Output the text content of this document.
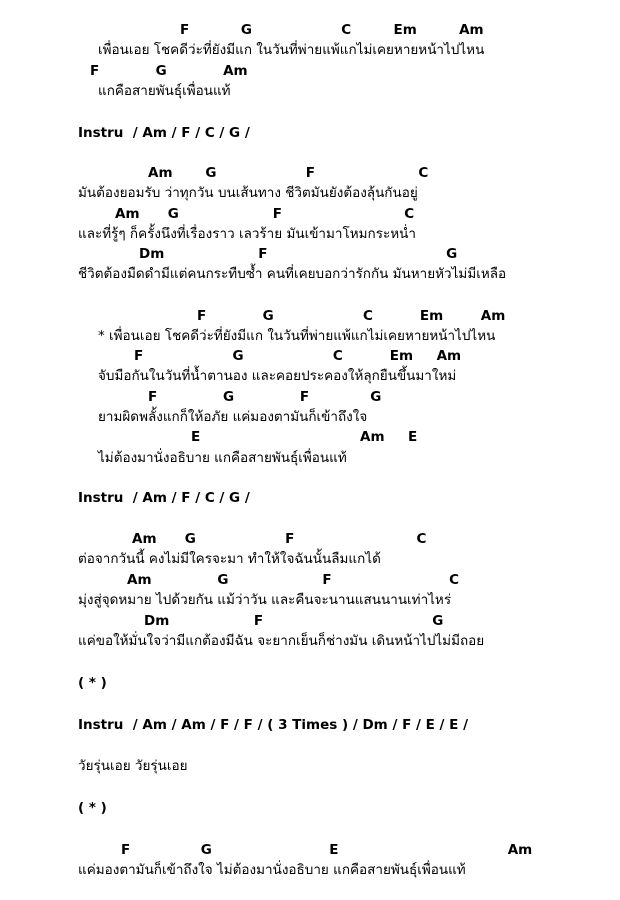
F           G                   C         Em         Am
เพื่อนเอย โชคดีว่ะที่ยังมีแก ในวันที่พ่ายแพ้แกไม่เคยหายหน้าไปไหน
F            G            Am
แกคือสายพันธุ์เพื่อนแท้
Instru  / Am / F / C / G /
Am       G                   F                      C
มันต้องยอมรับ ว่าทุกวัน บนเส้นทาง ชีวิตมันยังต้องลุ้นกันอยู่
Am      G                    F                          C
และที่รู้ๆ ก็ครั้งนึงที่เรื่องราว เลวร้าย มันเข้ามาโหมกระหน่ำ
Dm                    F                                      G
ชีวิตต้องมืดดำมีแต่คนกระทืบซ้ำ คนที่เคยบอกว่ารักกัน มันหายหัวไม่มีเหลือ
F            G                   C          Em        Am
* เพื่อนเอย โชคดีว่ะที่ยังมีแก ในวันที่พ่ายแพ้แกไม่เคยหายหน้าไปไหน
F                   G                   C          Em     Am
จับมือกันในวันที่น้ำตานอง และคอยประคองให้ลุกยืนขึ้นมาใหม่
F              G              F             G
ยามผิดพลั้งแกก็ให้อภัย แค่มองตามันก็เข้าถึงใจ
E                                  Am     E
ไม่ต้องมานั่งอธิบาย แกคือสายพันธุ์เพื่อนแท้
Instru  / Am / F / C / G /
Am      G                   F                          C
ต่อจากวันนี้ คงไม่มีใครจะมา ทำให้ใจฉันนั้นลืมแกได้
Am              G                    F                         C
มุ่งสู่จุดหมาย ไปด้วยกัน แม้ว่าวัน และคืนจะนานแสนนานเท่าไหร่
Dm                  F                                    G
แค่ขอให้มั่นใจว่ามีแกต้องมีฉัน จะยากเย็นก็ช่างมัน เดินหน้าไปไม่มีถอย
( * )
Instru  / Am / Am / F / F / ( 3 Times ) / Dm / F / E / E /
วัยรุ่นเอย วัยรุ่นเอย
( * )
F               G                         E                                    Am
แค่มองตามันก็เข้าถึงใจ ไม่ต้องมานั่งอธิบาย แกคือสายพันธุ์เพื่อนแท้
